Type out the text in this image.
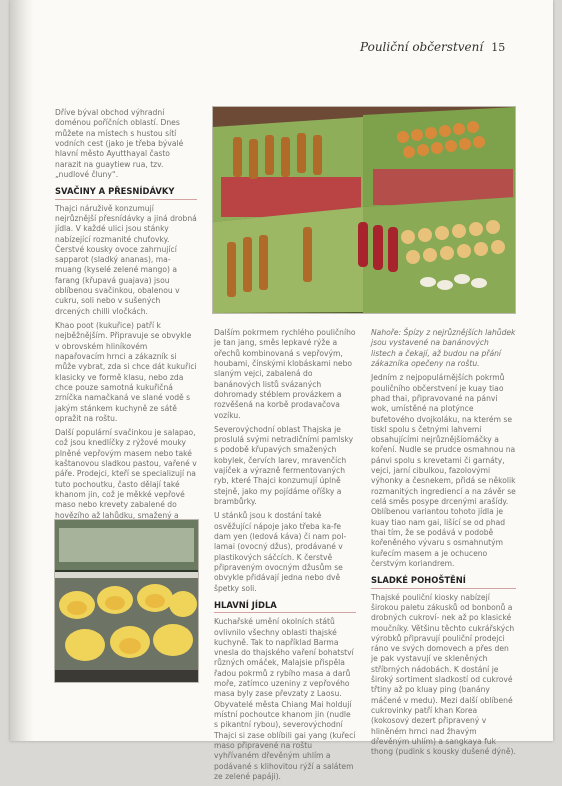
Pouliční občerstvení 15

Dříve býval obchod výhradní doménou poříčních oblastí. Dnes můžete na místech s hustou sítí vodních cest (jako je třeba bývalé hlavní město Ayutthayal často narazit na guaytiew rua, tzv. „nudlové čluny“.

SVAČINY A PŘESNÍDÁVKY

Thajci náruživě konzumují nejrůznější přesnídávky a jiná drobná jídla. V každé ulici jsou stánky nabízející rozmanité chuťovky. Čerstvé kousky ovoce zahrnující sapparot (sladký ananas), ma-muang (kyselé zelené mango) a farang (křupavá guajava) jsou oblíbenou svačinkou, obalenou v cukru, soli nebo v sušených drcených chilli vločkách.

Khao poot (kukuřice) patří k nejběžnějším. Připravuje se obvykle v obrovském hliníkovém napařovacím hrnci a zákazník si může vybrat, zda si chce dát kukuřici klasicky ve formě klasu, nebo zda chce pouze samotná kukuřičná zrníčka namačkaná ve slané vodě s jakým stánkem kuchyně ze sátě opražit na roštu.

Další populární svačinkou je salapao, což jsou knedlíčky z rýžové mouky plněné vepřovým masem nebo také kaštanovou sladkou pastou, vařené v páře. Prodejci, kteří se specializují na tuto pochoutku, často dělají také khanom jin, což je měkké vepřové maso nebo krevety zabalené do hovězího až lahůdku, smažený a

Dalším pokrmem rychlého pouličního je tan jang, směs lepkavé rýže a ořechů kombinovaná s vepřovým, houbami, čínskými klobáskami nebo slaným vejci, zabalená do banánových listů svázaných dohromady stéblem provázkem a rozvěšená na korbě prodavačova vozíku.

Severovýchodní oblast Thajska je proslulá svými netradičními pamlsky s podobě křupavých smažených kobylek, červích larev, mravenčích vajíček a výrazně fermentovaných ryb, které Thajci konzumují úplně stejně, jako my pojídáme oříšky a brambůrky.

U stánků jsou k dostání také osvěžující nápoje jako třeba ka-fe dam yen (ledová káva) či nam pol-lamai (ovocný džus), prodávané v plastikových sáčcích. K čerstvě připraveným ovocným džusům se obvykle přidávají jedna nebo dvě špetky soli.

HLAVNÍ JÍDLA

Kuchařské umění okolních států ovlivnilo všechny oblasti thajské kuchyně. Tak to například Barma vnesla do thajského vaření bohatství různých omáček, Malajsie přispěla řadou pokrmů z rybího masa a darů moře, zatímco uzeniny z vepřového masa byly zase převzaty z Laosu. Obyvatelé města Chiang Mai holdují místní pochoutce khanom jin (nudle s pikantní rybou), severovýchodní Thajci si zase oblíbili gai yang (kuřecí maso připravené na roštu vyhřívaném dřevěným uhlím a podávané s klihovitou rýží a salátem ze zelené papáji).

Nahoře: Špízy z nejrůznějších lahůdek jsou vystavené na banánových listech a čekají, až budou na přání zákazníka opečeny na roštu.

Jedním z nejpopulárnějších pokrmů pouličního občerstvení je kuay tiao phad thai, připravované na pánvi wok, umístěné na plotýnce bufetového dvojkoláku, na kterém se tiskl spolu s četnými lahvemi obsahujícími nejrůznějšíomáčky a koření. Nudle se prudce osmahnou na pánvi spolu s krevetami či garnáty, vejci, jarní cibulkou, fazolovými výhonky a česnekem, přidá se několik rozmanitých ingrediencí a na závěr se celá směs posype drcenými arašídy. Oblíbenou variantou tohoto jídla je kuay tiao nam gai, lišící se od phad thai tím, že se podává v podobě kořeněného vývaru s osmahnutým kuřecím masem a je ochuceno čerstvým koriandrem.

SLADKÉ POHOŠTĚNÍ

Thajské pouliční kiosky nabízejí širokou paletu zákusků od bonbonů a drobných cukroví- nek až po klasické moučníky. Většinu těchto cukrářských výrobků připravují pouliční prodejci ráno ve svých domovech a přes den je pak vystavují ve skleněných stříbrných nádobách. K dostání je široký sortiment sladkostí od cukrové třtiny až po kluay ping (banány máčené v medu). Mezi další oblíbené cukrovinky patří khan Korea (kokosový dezert připravený v hliněném hrnci nad žhavým dřevěným uhlím) a sangkaya fuk thong (pudink s kousky dušené dýně).
